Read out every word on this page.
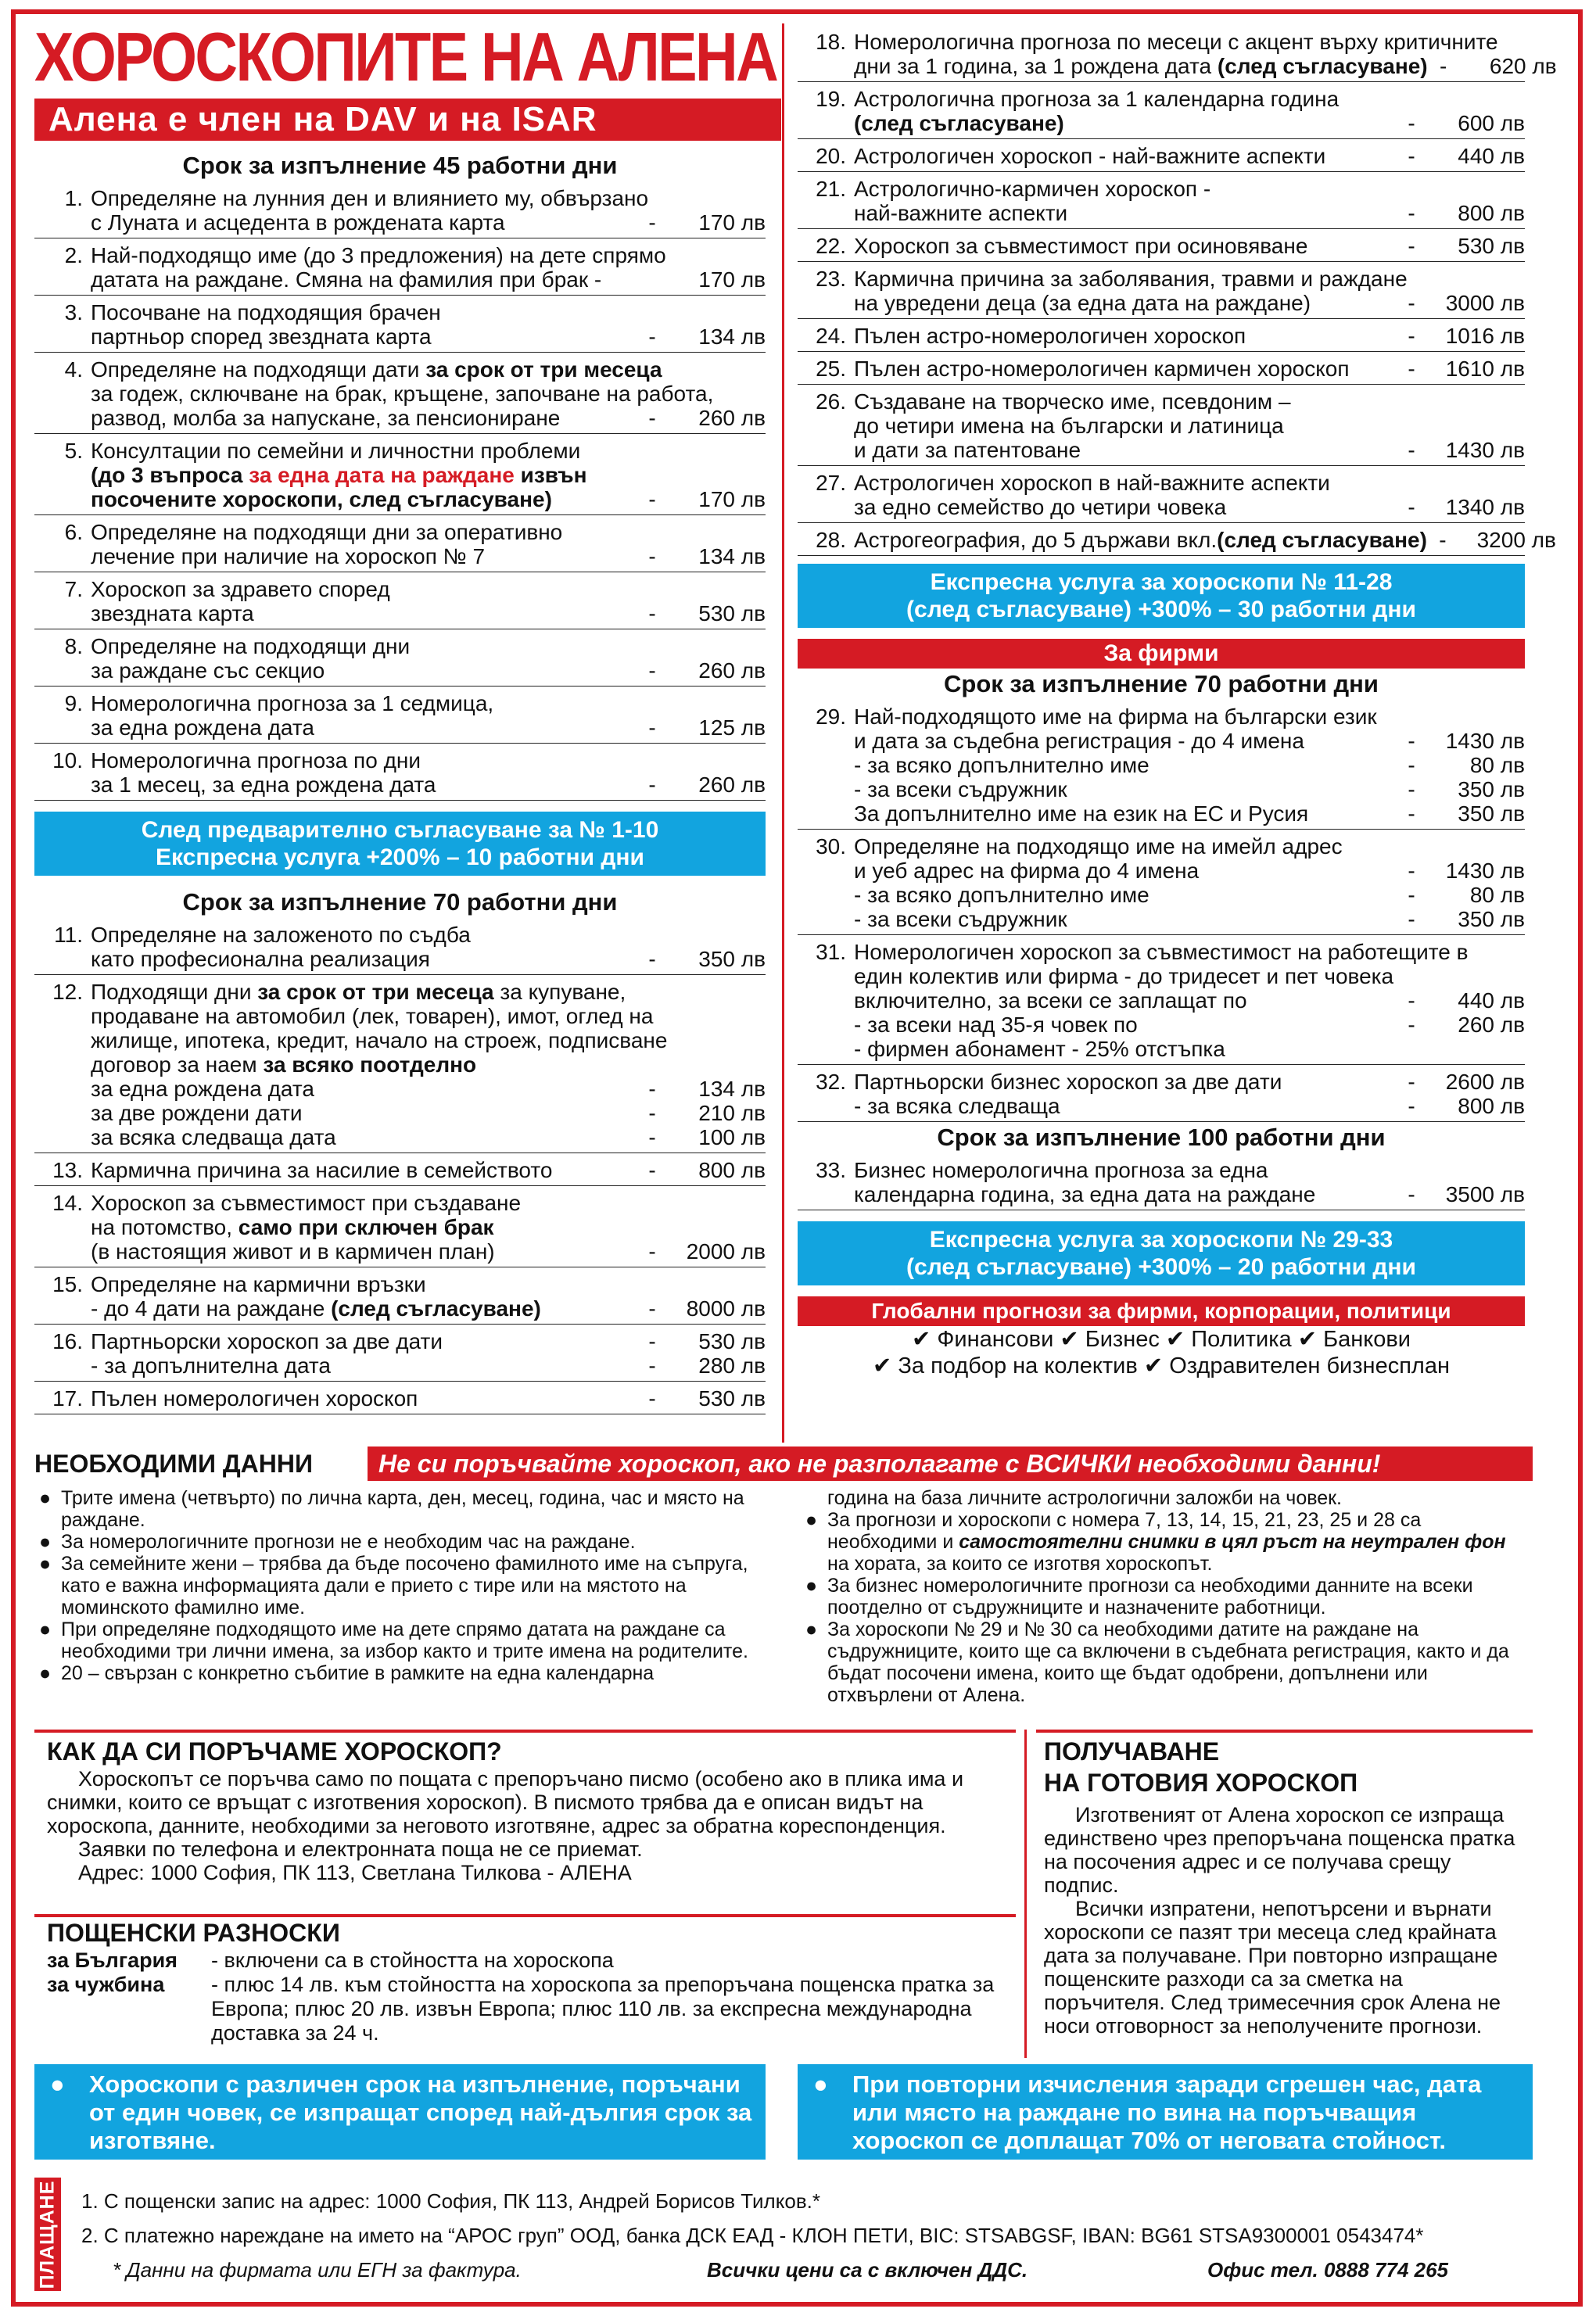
ХОРОСКОПИТЕ НА АЛЕНА
Алена е член на DAV и на ISAR
Срок за изпълнение 45 работни дни
1. Определяне на лунния ден и влиянието му, обвързано
с Луната и асцедента в рождената карта	-	170 лв
2. Най-подходящо име (до 3 предложения) на дете спрямо
датата на раждане. Смяна на фамилия при брак -	170 лв
3. Посочване на подходящия брачен
партньор според звездната карта	-	134 лв
4. Определяне на подходящи дати за срок от три месеца
за годеж, сключване на брак, кръщене, започване на работа,
развод, молба за напускане, за пенсиониране	-	260 лв
5. Консултации по семейни и личностни проблеми
(до 3 въпроса за една дата на раждане извън
посочените хороскопи, след съгласуване)	-	170 лв
6. Определяне на подходящи дни за оперативно
лечение при наличие на хороскоп № 7	-	134 лв
7. Хороскоп за здравето според
звездната карта	-	530 лв
8. Определяне на подходящи дни
за раждане със секцио	-	260 лв
9. Номерологична прогноза за 1 седмица,
за една рождена дата	-	125 лв
10. Номерологична прогноза по дни
за 1 месец, за една рождена дата	-	260 лв
След предварително съгласуване за № 1-10
Експресна услуга +200% – 10 работни дни
Срок за изпълнение 70 работни дни
11. Определяне на заложеното по съдба
като професионална реализация	-	350 лв
12. Подходящи дни за срок от три месеца за купуване,
продаване на автомобил (лек, товарен), имот, оглед на
жилище, ипотека, кредит, начало на строеж, подписване
договор за наем за всяко поотделно
за една рождена дата	-	134 лв
за две рождени дати	-	210 лв
за всяка следваща дата	-	100 лв
13. Кармична причина за насилие в семейството	-	800 лв
14. Хороскоп за съвместимост при създаване
на потомство, само при сключен брак
(в настоящия живот и в кармичен план)	-	2000 лв
15. Определяне на кармични връзки
- до 4 дати на раждане (след съгласуване)	-	8000 лв
16. Партньорски хороскоп за две дати	-	530 лв
- за допълнителна дата	-	280 лв
17. Пълен номерологичен хороскоп	-	530 лв
18. Номерологична прогноза по месеци с акцент върху критичните
дни за 1 година, за 1 рождена дата (след съгласуване) -	620 лв
19. Астрологична прогноза за 1 календарна година
(след съгласуване)	-	600 лв
20. Астрологичен хороскоп - най-важните аспекти	-	440 лв
21. Астрологично-кармичен хороскоп -
най-важните аспекти	-	800 лв
22. Хороскоп за съвместимост при осиновяване	-	530 лв
23. Кармична причина за заболявания, травми и раждане
на увредени деца (за една дата на раждане)	-	3000 лв
24. Пълен астро-номерологичен хороскоп	-	1016 лв
25. Пълен астро-номерологичен кармичен хороскоп	-	1610 лв
26. Създаване на творческо име, псевдоним –
до четири имена на български и латиница
и дати за патентоване	-	1430 лв
27. Астрологичен хороскоп в най-важните аспекти
за едно семейство до четири човека	-	1340 лв
28. Астрогеография, до 5 държави вкл.(след съгласуване) -	3200 лв
Експресна услуга за хороскопи № 11-28
(след съгласуване) +300% – 30 работни дни
За фирми
Срок за изпълнение 70 работни дни
29. Най-подходящото име на фирма на български език
и дата за съдебна регистрация - до 4 имена	-	1430 лв
- за всяко допълнително име	-	80 лв
- за всеки съдружник	-	350 лв
За допълнително име на език на ЕС и Русия	-	350 лв
30. Определяне на подходящо име на имейл адрес
и уеб адрес на фирма до 4 имена	-	1430 лв
- за всяко допълнително име	-	80 лв
- за всеки съдружник	-	350 лв
31. Номерологичен хороскоп за съвместимост на работещите в
един колектив или фирма - до тридесет и пет човека
включително, за всеки се заплащат по	-	440 лв
- за всеки над 35-я човек по	-	260 лв
- фирмен абонамент - 25% отстъпка
32. Партньорски бизнес хороскоп за две дати	-	2600 лв
- за всяка следваща	-	800 лв
Срок за изпълнение 100 работни дни
33. Бизнес номерологична прогноза за една
календарна година, за една дата на раждане	-	3500 лв
Експресна услуга за хороскопи № 29-33
(след съгласуване) +300% – 20 работни дни
Глобални прогнози за фирми, корпорации, политици
✔ Финансови ✔ Бизнес ✔ Политика ✔ Банкови
✔ За подбор на колектив ✔ Оздравителен бизнесплан
НЕОБХОДИМИ ДАННИ	Не си поръчвайте хороскоп, ако не разполагате с ВСИЧКИ необходими данни!
● Трите имена (четвърто) по лична карта, ден, месец, година, час и място на раждане.
● За номерологичните прогнози не е необходим час на раждане.
● За семейните жени – трябва да бъде посочено фамилното име на съпруга, като е важна информацията дали е прието с тире или на мястото на моминското фамилно име.
● При определяне подходящото име на дете спрямо датата на раждане са необходими три лични имена, за избор както и трите имена на родителите.
● 20 – свързан с конкретно събитие в рамките на една календарна
година на база личните астрологични заложби на човек.
● За прогнози и хороскопи с номера 7, 13, 14, 15, 21, 23, 25 и 28 са необходими и самостоятелни снимки в цял ръст на неутрален фон на хората, за които се изготвя хороскопът.
● За бизнес номерологичните прогнози са необходими данните на всеки поотделно от съдружниците и назначените работници.
● За хороскопи № 29 и № 30 са необходими датите на раждане на съдружниците, които ще са включени в съдебната регистрация, както и да бъдат посочени имена, които ще бъдат одобрени, допълнени или отхвърлени от Алена.
КАК ДА СИ ПОРЪЧАМЕ ХОРОСКОП?
Хороскопът се поръчва само по пощата с препоръчано писмо (особено ако в плика има и снимки, които се връщат с изготвения хороскоп). В писмото трябва да е описан видът на хороскопа, данните, необходими за неговото изготвяне, адрес за обратна кореспонденция.
Заявки по телефона и електронната поща не се приемат.
Адрес: 1000 София, ПК 113, Светлана Тилкова - АЛЕНА
ПОЩЕНСКИ РАЗНОСКИ
за България	- включени са в стойността на хороскопа
за чужбина	- плюс 14 лв. към стойността на хороскопа за препоръчана пощенска пратка за Европа; плюс 20 лв. извън Европа; плюс 110 лв. за експресна международна доставка за 24 ч.
ПОЛУЧАВАНЕ
НА ГОТОВИЯ ХОРОСКОП
Изготвеният от Алена хороскоп се изпраща единствено чрез препоръчана пощенска пратка на посочения адрес и се получава срещу подпис.
Всички изпратени, непотърсени и върнати хороскопи се пазят три месеца след крайната дата за получаване. При повторно изпращане пощенските разходи са за сметка на поръчителя. След тримесечния срок Алена не носи отговорност за неполучените прогнози.
● Хороскопи с различен срок на изпълнение, поръчани от един човек, се изпращат според най-дългия срок за изготвяне.
● При повторни изчисления заради сгрешен час, дата или място на раждане по вина на поръчващия хороскоп се доплащат 70% от неговата стойност.
ПЛАЩАНЕ 1. С пощенски запис на адрес: 1000 София, ПК 113, Андрей Борисов Тилков.*
2. С платежно нареждане на името на “АРОС груп” ООД, банка ДСК ЕАД - КЛОН ПЕТИ, BIC: STSABGSF, IBAN: BG61 STSA9300001 0543474*
* Данни на фирмата или ЕГН за фактура.	Всички цени са с включен ДДС.	Офис тел. 0888 774 265
